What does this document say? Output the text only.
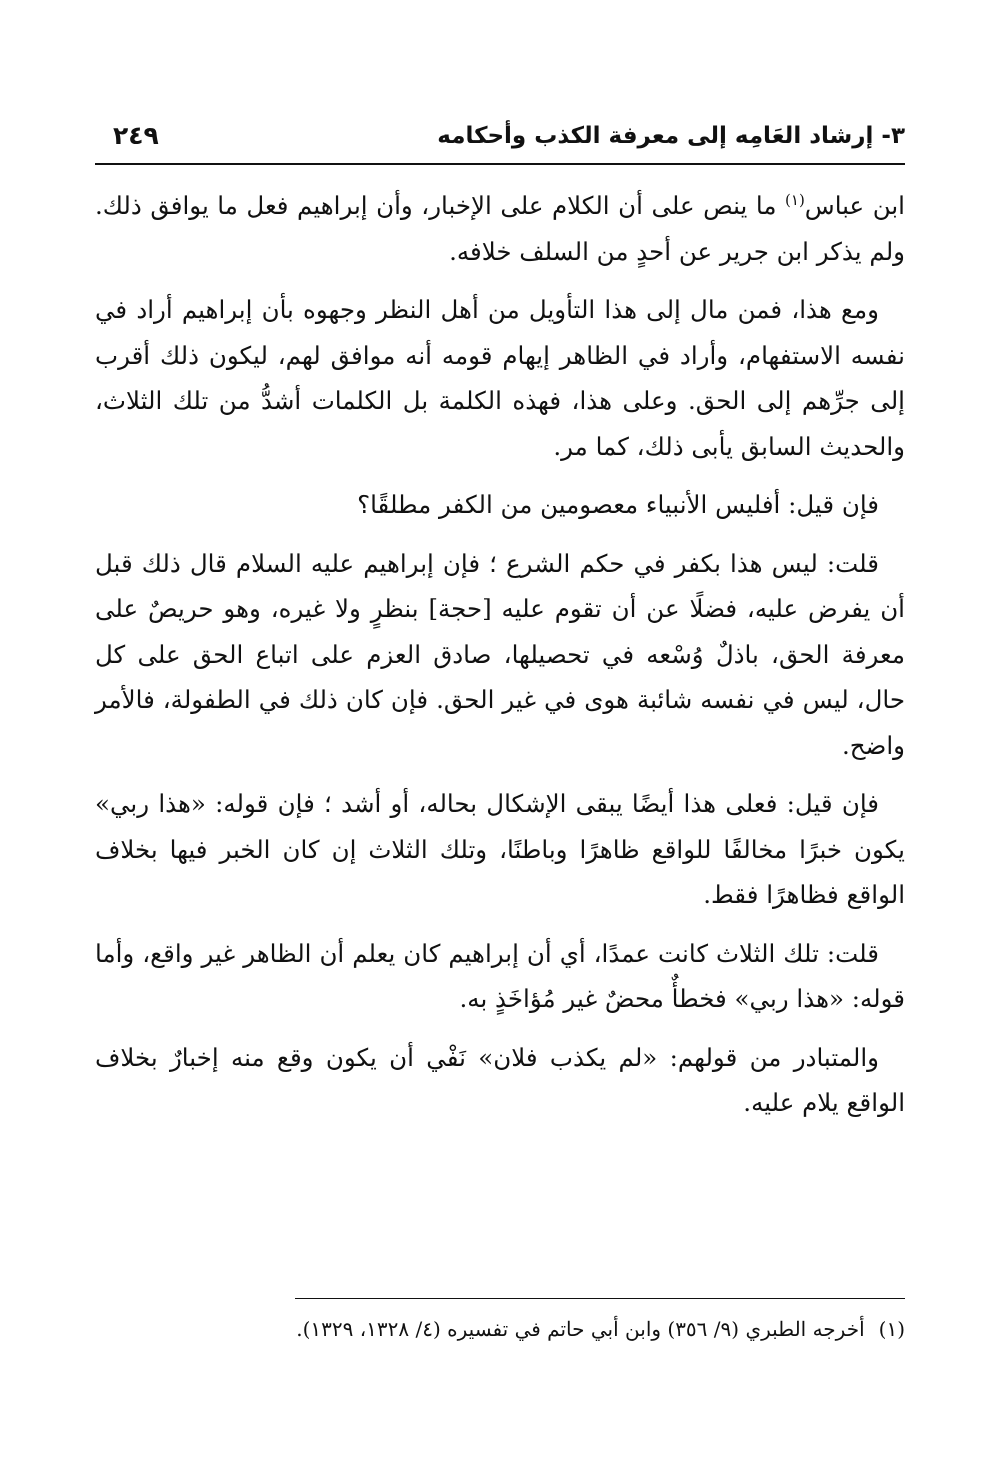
٣- إرشاد العَامِه إلى معرفة الكذب وأحكامه
٢٤٩

ابن عباس$^{(١)}$ ما ينص على أن الكلام على الإخبار، وأن إبراهيم فعل ما يوافق ذلك. ولم يذكر ابن جرير عن أحدٍ من السلف خلافه.

ومع هذا، فمن مال إلى هذا التأويل من أهل النظر وجهوه بأن إبراهيم أراد في نفسه الاستفهام، وأراد في الظاهر إيهام قومه أنه موافق لهم، ليكون ذلك أقرب إلى جرِّهم إلى الحق. وعلى هذا، فهذه الكلمة بل الكلمات أشدُّ من تلك الثلاث، والحديث السابق يأبى ذلك، كما مر.

فإن قيل: أفليس الأنبياء معصومين من الكفر مطلقًا؟

قلت: ليس هذا بكفر في حكم الشرع ؛ فإن إبراهيم عليه السلام قال ذلك قبل أن يفرض عليه، فضلًا عن أن تقوم عليه [حجة] بنظرٍ ولا غيره، وهو حريصٌ على معرفة الحق، باذلٌ وُسْعه في تحصيلها، صادق العزم على اتباع الحق على كل حال، ليس في نفسه شائبة هوى في غير الحق. فإن كان ذلك في الطفولة، فالأمر واضح.

فإن قيل: فعلى هذا أيضًا يبقى الإشكال بحاله، أو أشد ؛ فإن قوله: «هذا ربي» يكون خبرًا مخالفًا للواقع ظاهرًا وباطنًا، وتلك الثلاث إن كان الخبر فيها بخلاف الواقع فظاهرًا فقط.

قلت: تلك الثلاث كانت عمدًا، أي أن إبراهيم كان يعلم أن الظاهر غير واقع، وأما قوله: «هذا ربي» فخطأٌ محضٌ غير مُؤاخَذٍ به.

والمتبادر من قولهم: «لم يكذب فلان» نَفْي أن يكون وقع منه إخبارٌ بخلاف الواقع يلام عليه.

(١)أخرجه الطبري (٩/ ٣٥٦) وابن أبي حاتم في تفسيره (٤/ ١٣٢٨، ١٣٢٩).
